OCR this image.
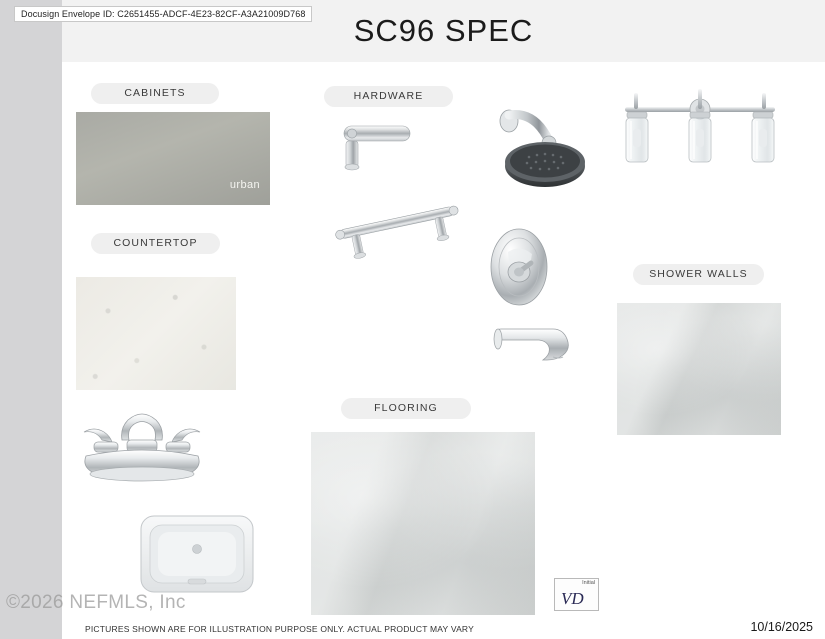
Docusign Envelope ID: C2651455-ADCF-4E23-82CF-A3A21009D768 SC96 SPEC
CABINETS	HARDWARE
COUNTERTOP
SHOWER WALLS
FLOORING
urban
©2026 NEFMLS, Inc
PICTURES SHOWN ARE FOR ILLUSTRATION PURPOSE ONLY. ACTUAL PRODUCT MAY VARY	10/16/2025
Initial
VD
